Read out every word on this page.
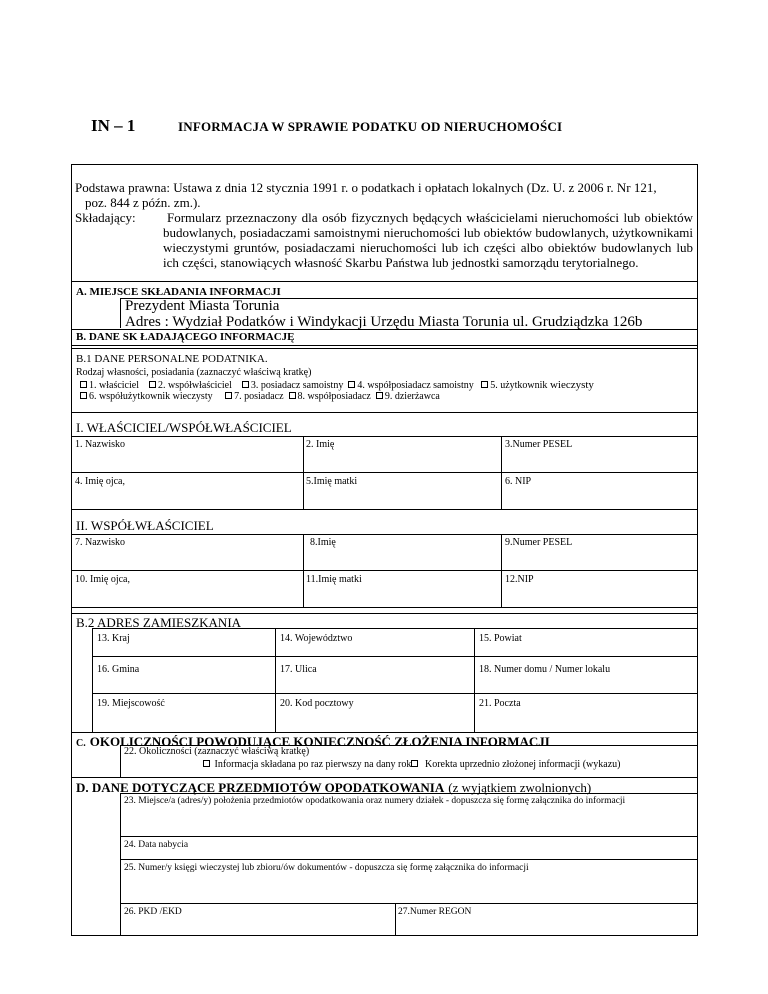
IN – 1	INFORMACJA W SPRAWIE PODATKU OD NIERUCHOMOŚCI
Podstawa prawna: Ustawa z dnia 12 stycznia 1991 r. o podatkach i opłatach lokalnych (Dz. U. z 2006 r. Nr 121,
poz. 844 z późn. zm.).
Składający:	Formularz przeznaczony dla osób fizycznych będących właścicielami nieruchomości lub obiektów budowlanych, posiadaczami samoistnymi nieruchomości lub obiektów budowlanych, użytkownikami wieczystymi gruntów, posiadaczami nieruchomości lub ich części albo obiektów budowlanych lub ich części, stanowiących własność Skarbu Państwa lub jednostki samorządu terytorialnego.
A. MIEJSCE SKŁADANIA INFORMACJI
Prezydent Miasta Torunia
Adres : Wydział Podatków i Windykacji Urzędu Miasta Torunia ul. Grudziądzka 126b
B. DANE SK ŁADAJĄCEGO INFORMACJĘ
B.1 DANE PERSONALNE PODATNIKA.
Rodzaj własności, posiadania (zaznaczyć właściwą kratkę)
1. właściciel 2. współwłaściciel 3. posiadacz samoistny 4. współposiadacz samoistny 5. użytkownik wieczysty
6. współużytkownik wieczysty 7. posiadacz 8. współposiadacz 9. dzierżawca
I. WŁAŚCICIEL/WSPÓŁWŁAŚCICIEL
1. Nazwisko	2. Imię	3.Numer PESEL
4. Imię ojca,	5.Imię matki	6. NIP
II. WSPÓŁWŁAŚCICIEL
7. Nazwisko	8.Imię	9.Numer PESEL
10. Imię ojca,	11.Imię matki	12.NIP
B.2 ADRES ZAMIESZKANIA
13. Kraj	14. Województwo	15. Powiat
16. Gmina	17. Ulica	18. Numer domu / Numer lokalu
19. Miejscowość	20. Kod pocztowy	21. Poczta
C. OKOLICZNOŚCI POWODUJĄCE KONIECZNOŚĆ ZŁOŻENIA INFORMACJI
22. Okoliczności (zaznaczyć właściwą kratkę)
Informacja składana po raz pierwszy na dany rok	Korekta uprzednio złożonej informacji (wykazu)
D. DANE DOTYCZĄCE PRZEDMIOTÓW OPODATKOWANIA (z wyjątkiem zwolnionych)
23. Miejsce/a (adres/y) położenia przedmiotów opodatkowania oraz numery działek - dopuszcza się formę załącznika do informacji
24. Data nabycia
25. Numer/y księgi wieczystej lub zbioru/ów dokumentów - dopuszcza się formę załącznika do informacji
26. PKD /EKD	27.Numer REGON
